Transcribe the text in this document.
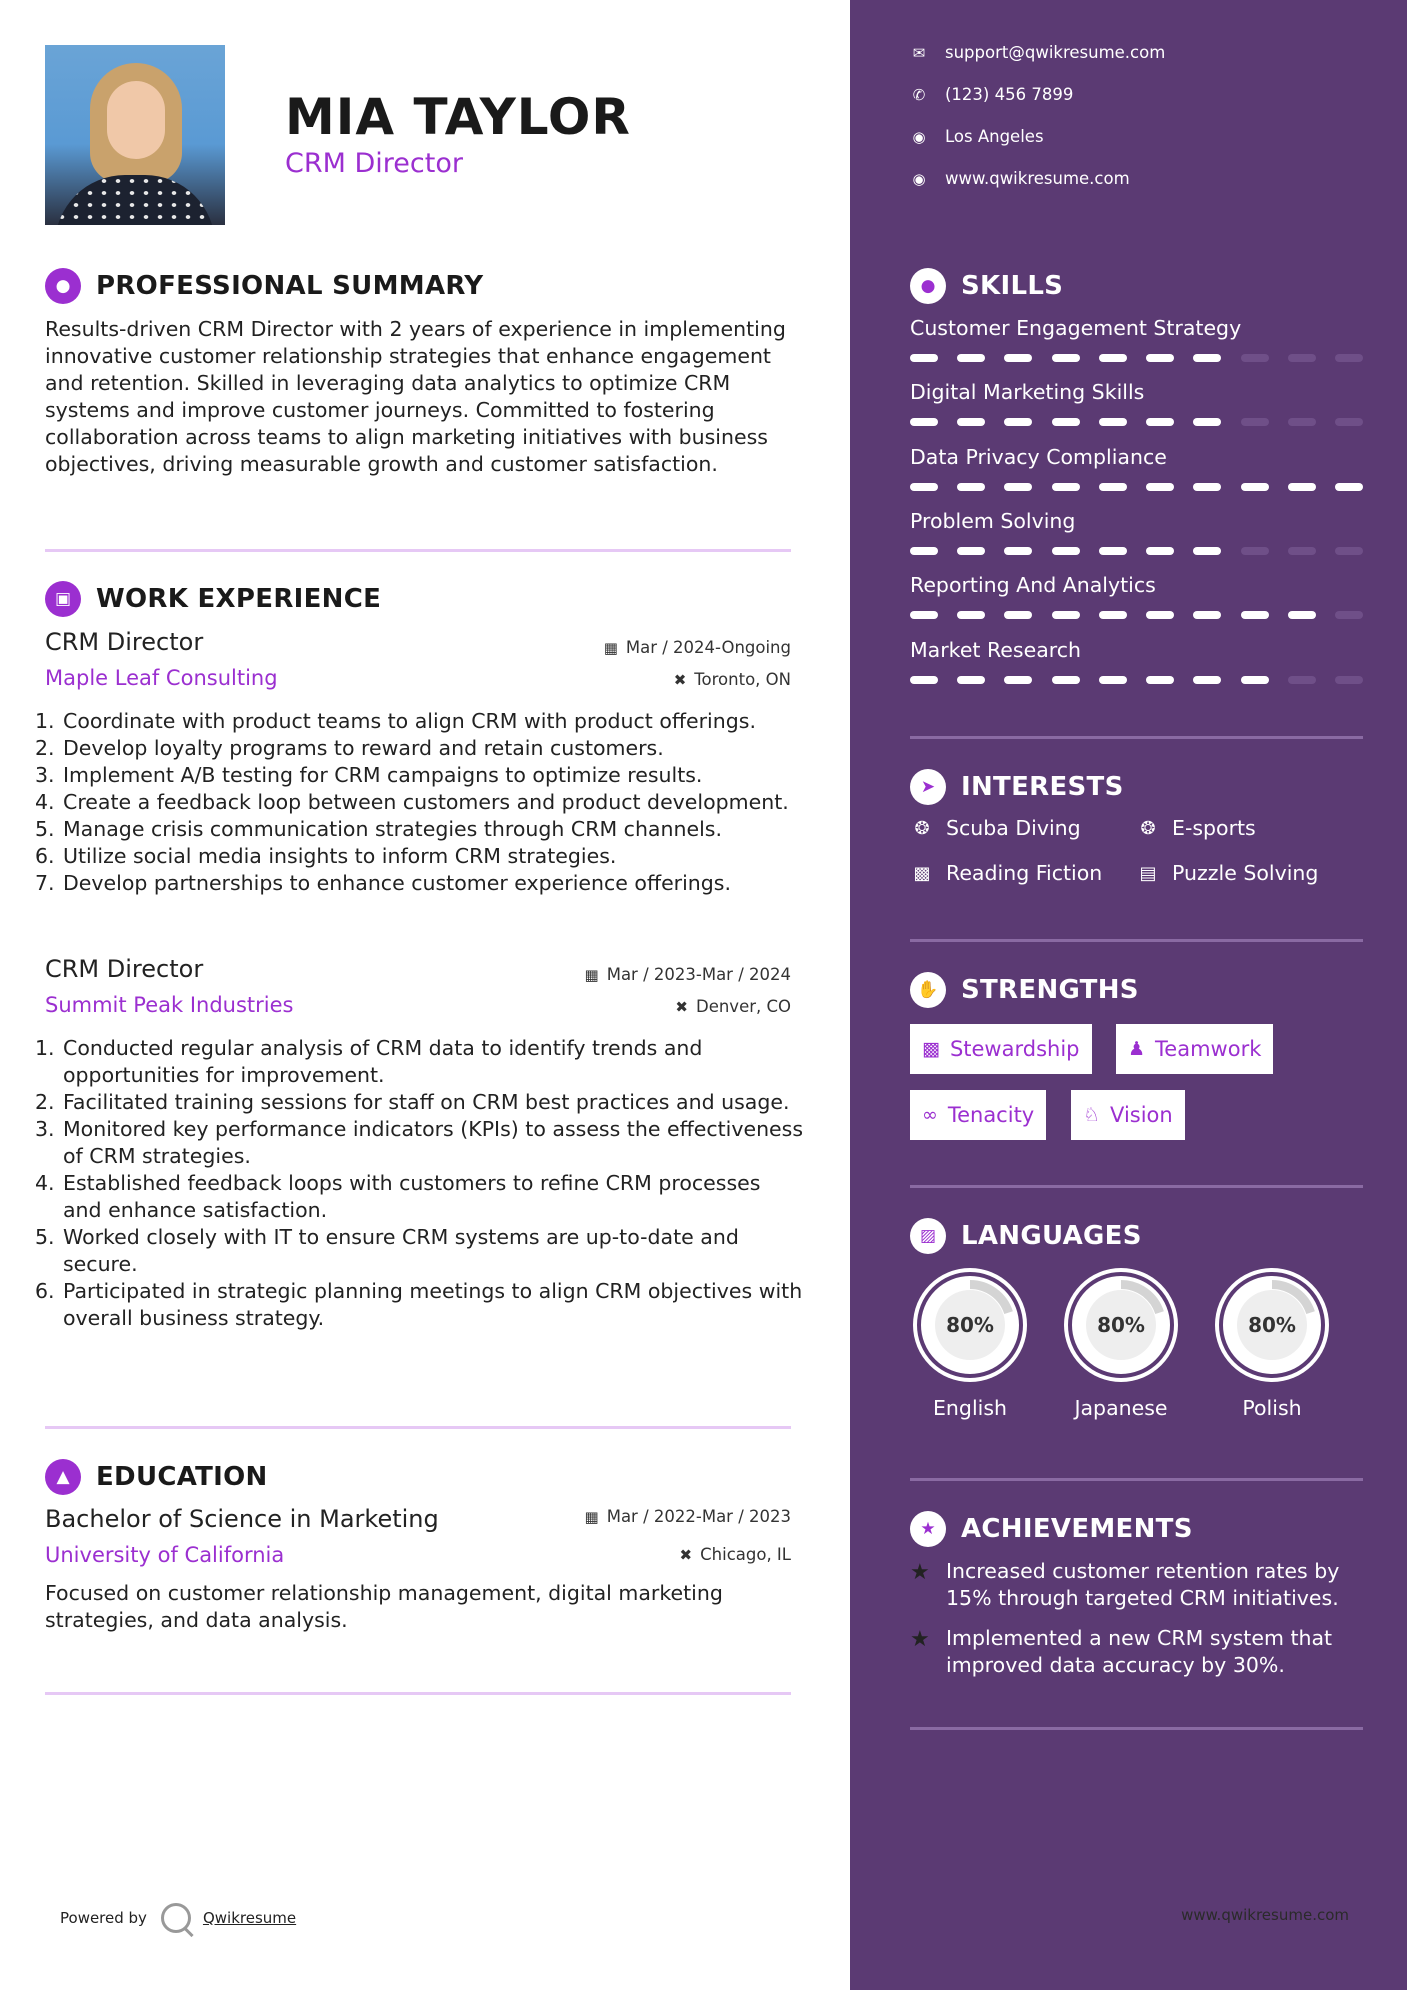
MIA TAYLOR
CRM Director
● PROFESSIONAL SUMMARY
Results-driven CRM Director with 2 years of experience in implementing innovative customer relationship strategies that enhance engagement and retention. Skilled in leveraging data analytics to optimize CRM systems and improve customer journeys. Committed to fostering collaboration across teams to align marketing initiatives with business objectives, driving measurable growth and customer satisfaction.
▣ WORK EXPERIENCE
CRM Director	▦ Mar / 2024-Ongoing
Maple Leaf Consulting	✖ Toronto, ON
Coordinate with product teams to align CRM with product offerings.
Develop loyalty programs to reward and retain customers.
Implement A/B testing for CRM campaigns to optimize results.
Create a feedback loop between customers and product development.
Manage crisis communication strategies through CRM channels.
Utilize social media insights to inform CRM strategies.
Develop partnerships to enhance customer experience offerings.
CRM Director	▦ Mar / 2023-Mar / 2024
Summit Peak Industries	✖ Denver, CO
Conducted regular analysis of CRM data to identify trends and opportunities for improvement.
Facilitated training sessions for staff on CRM best practices and usage.
Monitored key performance indicators (KPIs) to assess the effectiveness of CRM strategies.
Established feedback loops with customers to refine CRM processes and enhance satisfaction.
Worked closely with IT to ensure CRM systems are up-to-date and secure.
Participated in strategic planning meetings to align CRM objectives with overall business strategy.
▲	EDUCATION
Bachelor of Science in Marketing	▦ Mar / 2022-Mar / 2023
University of California	✖ Chicago, IL
Focused on customer relationship management, digital marketing strategies, and data analysis.
Powered by	Qwikresume
✉ support@qwikresume.com
✆ (123) 456 7899
◉ Los Angeles
◉ www.qwikresume.com
● SKILLS
Customer Engagement Strategy
Digital Marketing Skills
Data Privacy Compliance
Problem Solving
Reporting And Analytics
Market Research
➤ INTERESTS
❂ Scuba Diving	❂ E-sports
▩ Reading Fiction ▤ Puzzle Solving
✋ STRENGTHS
▩ Stewardship	♟ Teamwork
∞ Tenacity	♘ Vision
▨ LANGUAGES
80%
English
80%
Japanese
80%
Polish
★ ACHIEVEMENTS
★ Increased customer retention rates by 15% through targeted CRM initiatives.
★ Implemented a new CRM system that improved data accuracy by 30%.
www.qwikresume.com
